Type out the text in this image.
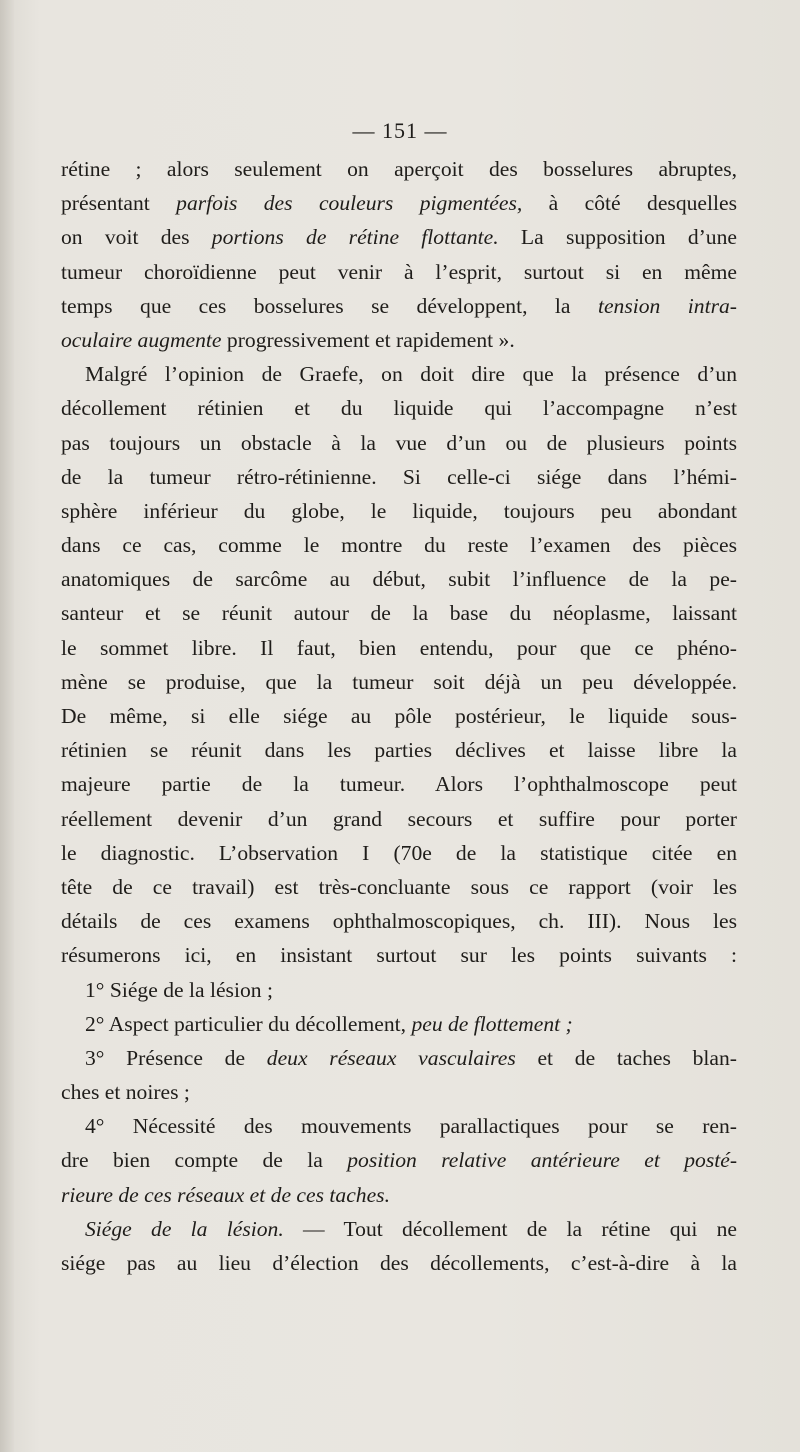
— 151 —
rétine ; alors seulement on aperçoit des bosselures abruptes,
présentant parfois des couleurs pigmentées, à côté desquelles
on voit des portions de rétine flottante. La supposition d’une
tumeur choroïdienne peut venir à l’esprit, surtout si en même
temps que ces bosselures se développent, la tension intra-
oculaire augmente progressivement et rapidement ».
Malgré l’opinion de Graefe, on doit dire que la présence d’un
décollement rétinien et du liquide qui l’accompagne n’est
pas toujours un obstacle à la vue d’un ou de plusieurs points
de la tumeur rétro-rétinienne. Si celle-ci siége dans l’hémi-
sphère inférieur du globe, le liquide, toujours peu abondant
dans ce cas, comme le montre du reste l’examen des pièces
anatomiques de sarcôme au début, subit l’influence de la pe-
santeur et se réunit autour de la base du néoplasme, laissant
le sommet libre. Il faut, bien entendu, pour que ce phéno-
mène se produise, que la tumeur soit déjà un peu développée.
De même, si elle siége au pôle postérieur, le liquide sous-
rétinien se réunit dans les parties déclives et laisse libre la
majeure partie de la tumeur. Alors l’ophthalmoscope peut
réellement devenir d’un grand secours et suffire pour porter
le diagnostic. L’observation I (70e de la statistique citée en
tête de ce travail) est très-concluante sous ce rapport (voir les
détails de ces examens ophthalmoscopiques, ch. III). Nous les
résumerons ici, en insistant surtout sur les points suivants :
1° Siége de la lésion ;
2° Aspect particulier du décollement, peu de flottement ;
3° Présence de deux réseaux vasculaires et de taches blan-
ches et noires ;
4° Nécessité des mouvements parallactiques pour se ren-
dre bien compte de la position relative antérieure et posté-
rieure de ces réseaux et de ces taches.
Siége de la lésion. — Tout décollement de la rétine qui ne
siége pas au lieu d’élection des décollements, c’est-à-dire à la
